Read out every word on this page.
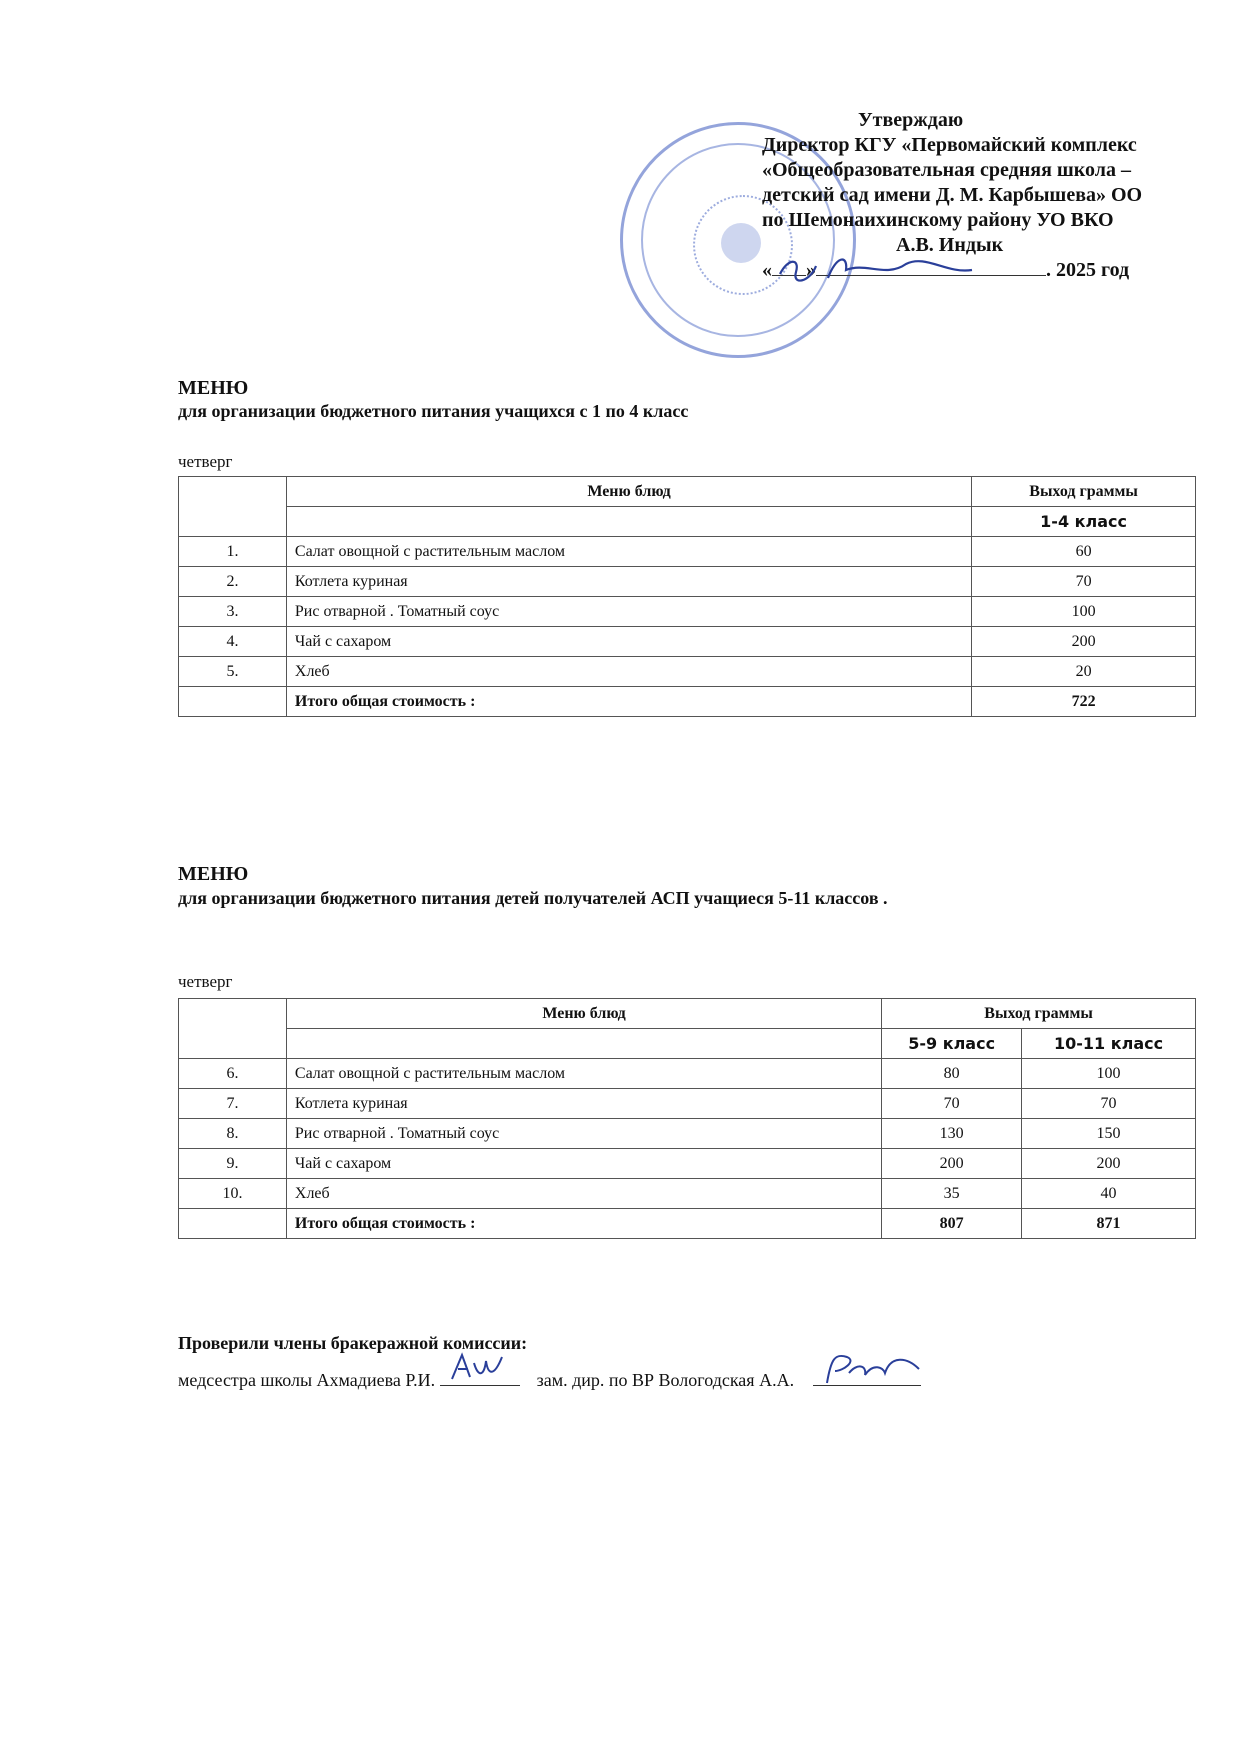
Утверждаю
Директор КГУ «Первомайский комплекс
«Общеобразовательная средняя школа –
детский сад имени Д. М. Карбышева» ОО
по Шемонаихинскому району УО ВКО
А.В. Индык
« »	. 2025 год
МЕНЮ
для организации бюджетного питания учащихся с 1 по 4 класс
четверг
	Меню блюд	Выход граммы
		1-4 класс
1.	Салат овощной с растительным маслом	60
2.	Котлета куриная	70
3.	Рис отварной . Томатный соус	100
4.	Чай с сахаром	200
5.	Хлеб	20
	Итого общая стоимость :	722
МЕНЮ
для организации бюджетного питания детей получателей АСП учащиеся 5-11 классов .
четверг
	Меню блюд	Выход граммы	
		5-9 класс	10-11 класс
6.	Салат овощной с растительным маслом	80	100
7.	Котлета куриная	70	70
8.	Рис отварной . Томатный соус	130	150
9.	Чай с сахаром	200	200
10.	Хлеб	35	40
	Итого общая стоимость :	807	871
Проверили члены бракеражной комиссии:
медсестра школы Ахмадиева Р.И.	зам. дир. по ВР Вологодская А.А.
